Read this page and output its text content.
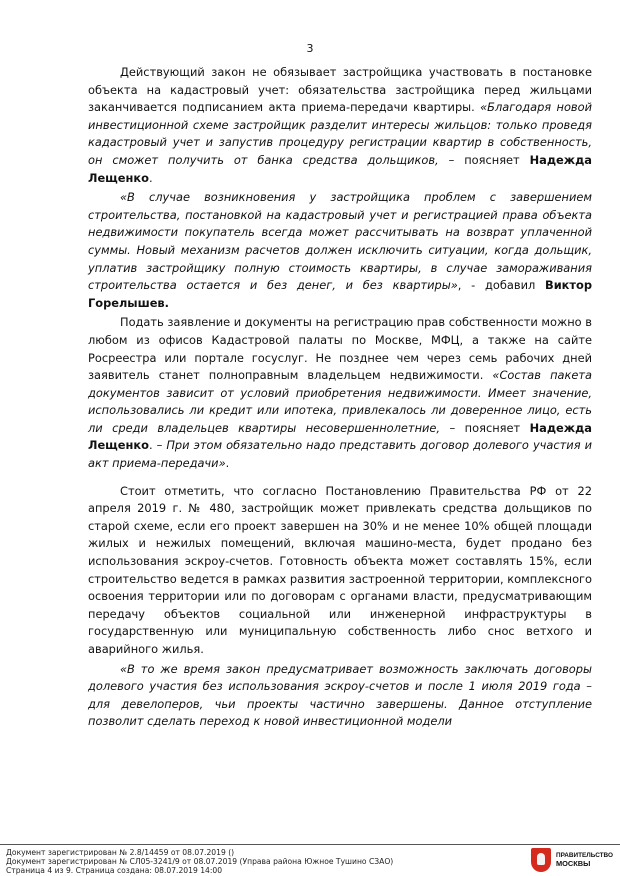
3

Действующий закон не обязывает застройщика участвовать в постановке объекта на кадастровый учет: обязательства застройщика перед жильцами заканчивается подписанием акта приема-передачи квартиры. «Благодаря новой инвестиционной схеме застройщик разделит интересы жильцов: только проведя кадастровый учет и запустив процедуру регистрации квартир в собственность, он сможет получить от банка средства дольщиков, – поясняет Надежда Лещенко.

«В случае возникновения у застройщика проблем с завершением строительства, постановкой на кадастровый учет и регистрацией права объекта недвижимости покупатель всегда может рассчитывать на возврат уплаченной суммы. Новый механизм расчетов должен исключить ситуации, когда дольщик, уплатив застройщику полную стоимость квартиры, в случае замораживания строительства остается и без денег, и без квартиры», - добавил Виктор Горелышев.

Подать заявление и документы на регистрацию прав собственности можно в любом из офисов Кадастровой палаты по Москве, МФЦ, а также на сайте Росреестра или портале госуслуг. Не позднее чем через семь рабочих дней заявитель станет полноправным владельцем недвижимости. «Состав пакета документов зависит от условий приобретения недвижимости. Имеет значение, использовались ли кредит или ипотека, привлекалось ли доверенное лицо, есть ли среди владельцев квартиры несовершеннолетние, – поясняет Надежда Лещенко. – При этом обязательно надо представить договор долевого участия и акт приема-передачи».

Стоит отметить, что согласно Постановлению Правительства РФ от 22 апреля 2019 г. № 480, застройщик может привлекать средства дольщиков по старой схеме, если его проект завершен на 30% и не менее 10% общей площади жилых и нежилых помещений, включая машино-места, будет продано без использования эскроу-счетов. Готовность объекта может составлять 15%, если строительство ведется в рамках развития застроенной территории, комплексного освоения территории или по договорам с органами власти, предусматривающим передачу объектов социальной или инженерной инфраструктуры в государственную или муниципальную собственность либо снос ветхого и аварийного жилья.

«В то же время закон предусматривает возможность заключать договоры долевого участия без использования эскроу-счетов и после 1 июля 2019 года – для девелоперов, чьи проекты частично завершены. Данное отступление позволит сделать переход к новой инвестиционной модели

Документ зарегистрирован № 2.8/14459 от 08.07.2019 ()
Документ зарегистрирован № СЛ05-3241/9 от 08.07.2019 (Управа района Южное Тушино СЗАО)
Страница 4 из 9. Страница создана: 08.07.2019 14:00
ПРАВИТЕЛЬСТВО
МОСКВЫ
